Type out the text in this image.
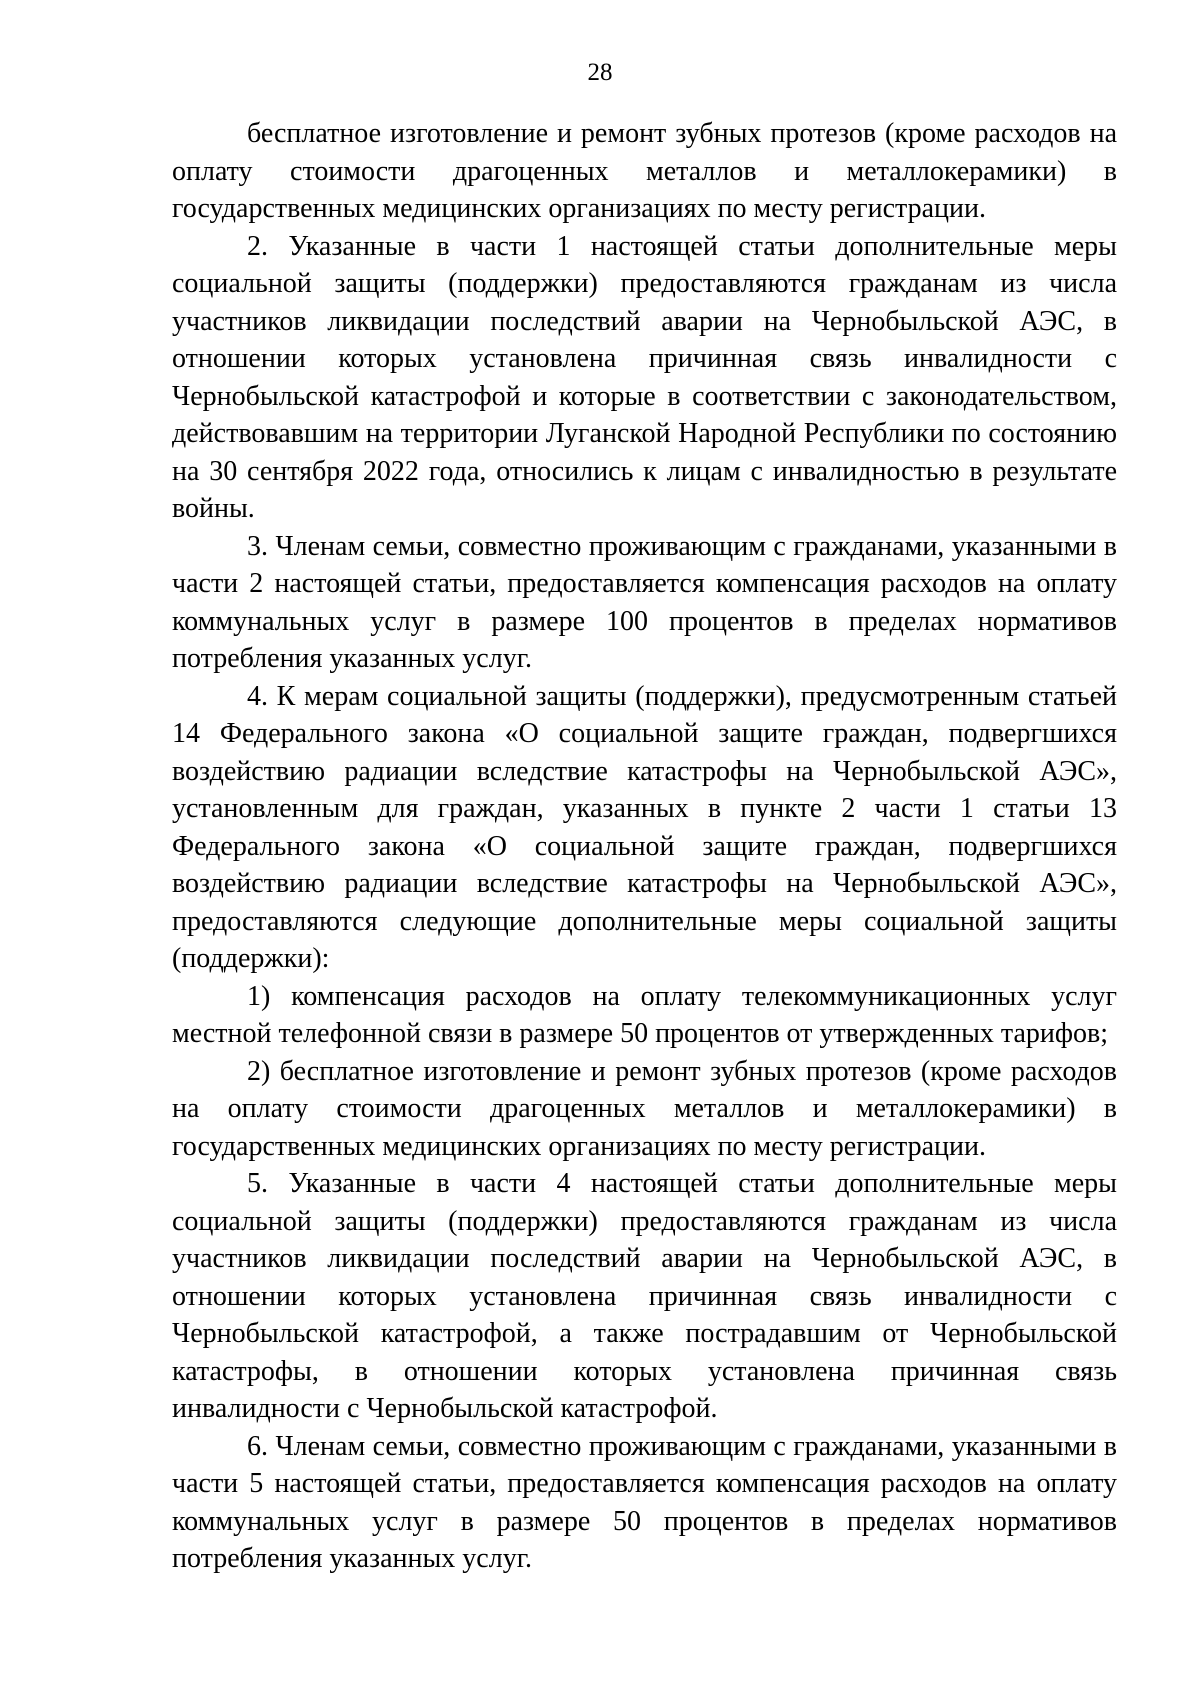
28

бесплатное изготовление и ремонт зубных протезов (кроме расходов на оплату стоимости драгоценных металлов и металлокерамики) в государственных медицинских организациях по месту регистрации.

2. Указанные в части 1 настоящей статьи дополнительные меры социальной защиты (поддержки) предоставляются гражданам из числа участников ликвидации последствий аварии на Чернобыльской АЭС, в отношении которых установлена причинная связь инвалидности с Чернобыльской катастрофой и которые в соответствии с законодательством, действовавшим на территории Луганской Народной Республики по состоянию на 30 сентября 2022 года, относились к лицам с инвалидностью в результате войны.

3. Членам семьи, совместно проживающим с гражданами, указанными в части 2 настоящей статьи, предоставляется компенсация расходов на оплату коммунальных услуг в размере 100 процентов в пределах нормативов потребления указанных услуг.

4. К мерам социальной защиты (поддержки), предусмотренным статьей 14 Федерального закона «О социальной защите граждан, подвергшихся воздействию радиации вследствие катастрофы на Чернобыльской АЭС», установленным для граждан, указанных в пункте 2 части 1 статьи 13 Федерального закона «О социальной защите граждан, подвергшихся воздействию радиации вследствие катастрофы на Чернобыльской АЭС», предоставляются следующие дополнительные меры социальной защиты (поддержки):

1) компенсация расходов на оплату телекоммуникационных услуг местной телефонной связи в размере 50 процентов от утвержденных тарифов;

2) бесплатное изготовление и ремонт зубных протезов (кроме расходов на оплату стоимости драгоценных металлов и металлокерамики) в государственных медицинских организациях по месту регистрации.

5. Указанные в части 4 настоящей статьи дополнительные меры социальной защиты (поддержки) предоставляются гражданам из числа участников ликвидации последствий аварии на Чернобыльской АЭС, в отношении которых установлена причинная связь инвалидности с Чернобыльской катастрофой, а также пострадавшим от Чернобыльской катастрофы, в отношении которых установлена причинная связь инвалидности с Чернобыльской катастрофой.

6. Членам семьи, совместно проживающим с гражданами, указанными в части 5 настоящей статьи, предоставляется компенсация расходов на оплату коммунальных услуг в размере 50 процентов в пределах нормативов потребления указанных услуг.
